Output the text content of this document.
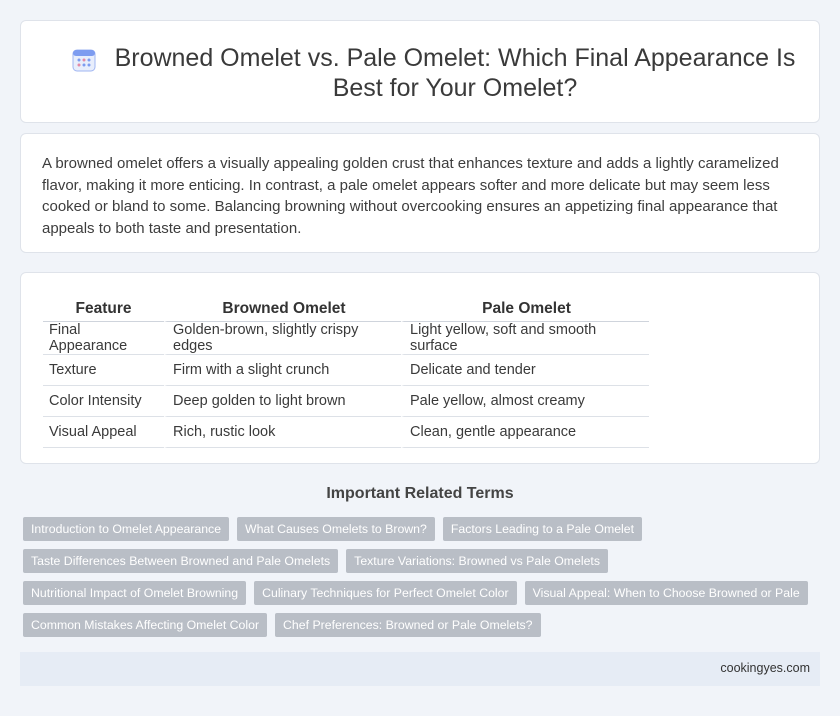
Browned Omelet vs. Pale Omelet: Which Final Appearance Is Best for Your Omelet?

A browned omelet offers a visually appealing golden crust that enhances texture and adds a lightly caramelized flavor, making it more enticing. In contrast, a pale omelet appears softer and more delicate but may seem less cooked or bland to some. Balancing browning without overcooking ensures an appetizing final appearance that appeals to both taste and presentation.

Feature	Browned Omelet	Pale Omelet
Final Appearance	Golden-brown, slightly crispy edges	Light yellow, soft and smooth surface
Texture	Firm with a slight crunch	Delicate and tender
Color Intensity	Deep golden to light brown	Pale yellow, almost creamy
Visual Appeal	Rich, rustic look	Clean, gentle appearance
Important Related Terms
Introduction to Omelet Appearance	What Causes Omelets to Brown?	Factors Leading to a Pale Omelet
Taste Differences Between Browned and Pale Omelets	Texture Variations: Browned vs Pale Omelets
Nutritional Impact of Omelet Browning	Culinary Techniques for Perfect Omelet Color	Visual Appeal: When to Choose Browned or Pale
Common Mistakes Affecting Omelet Color	Chef Preferences: Browned or Pale Omelets?
cookingyes.com
